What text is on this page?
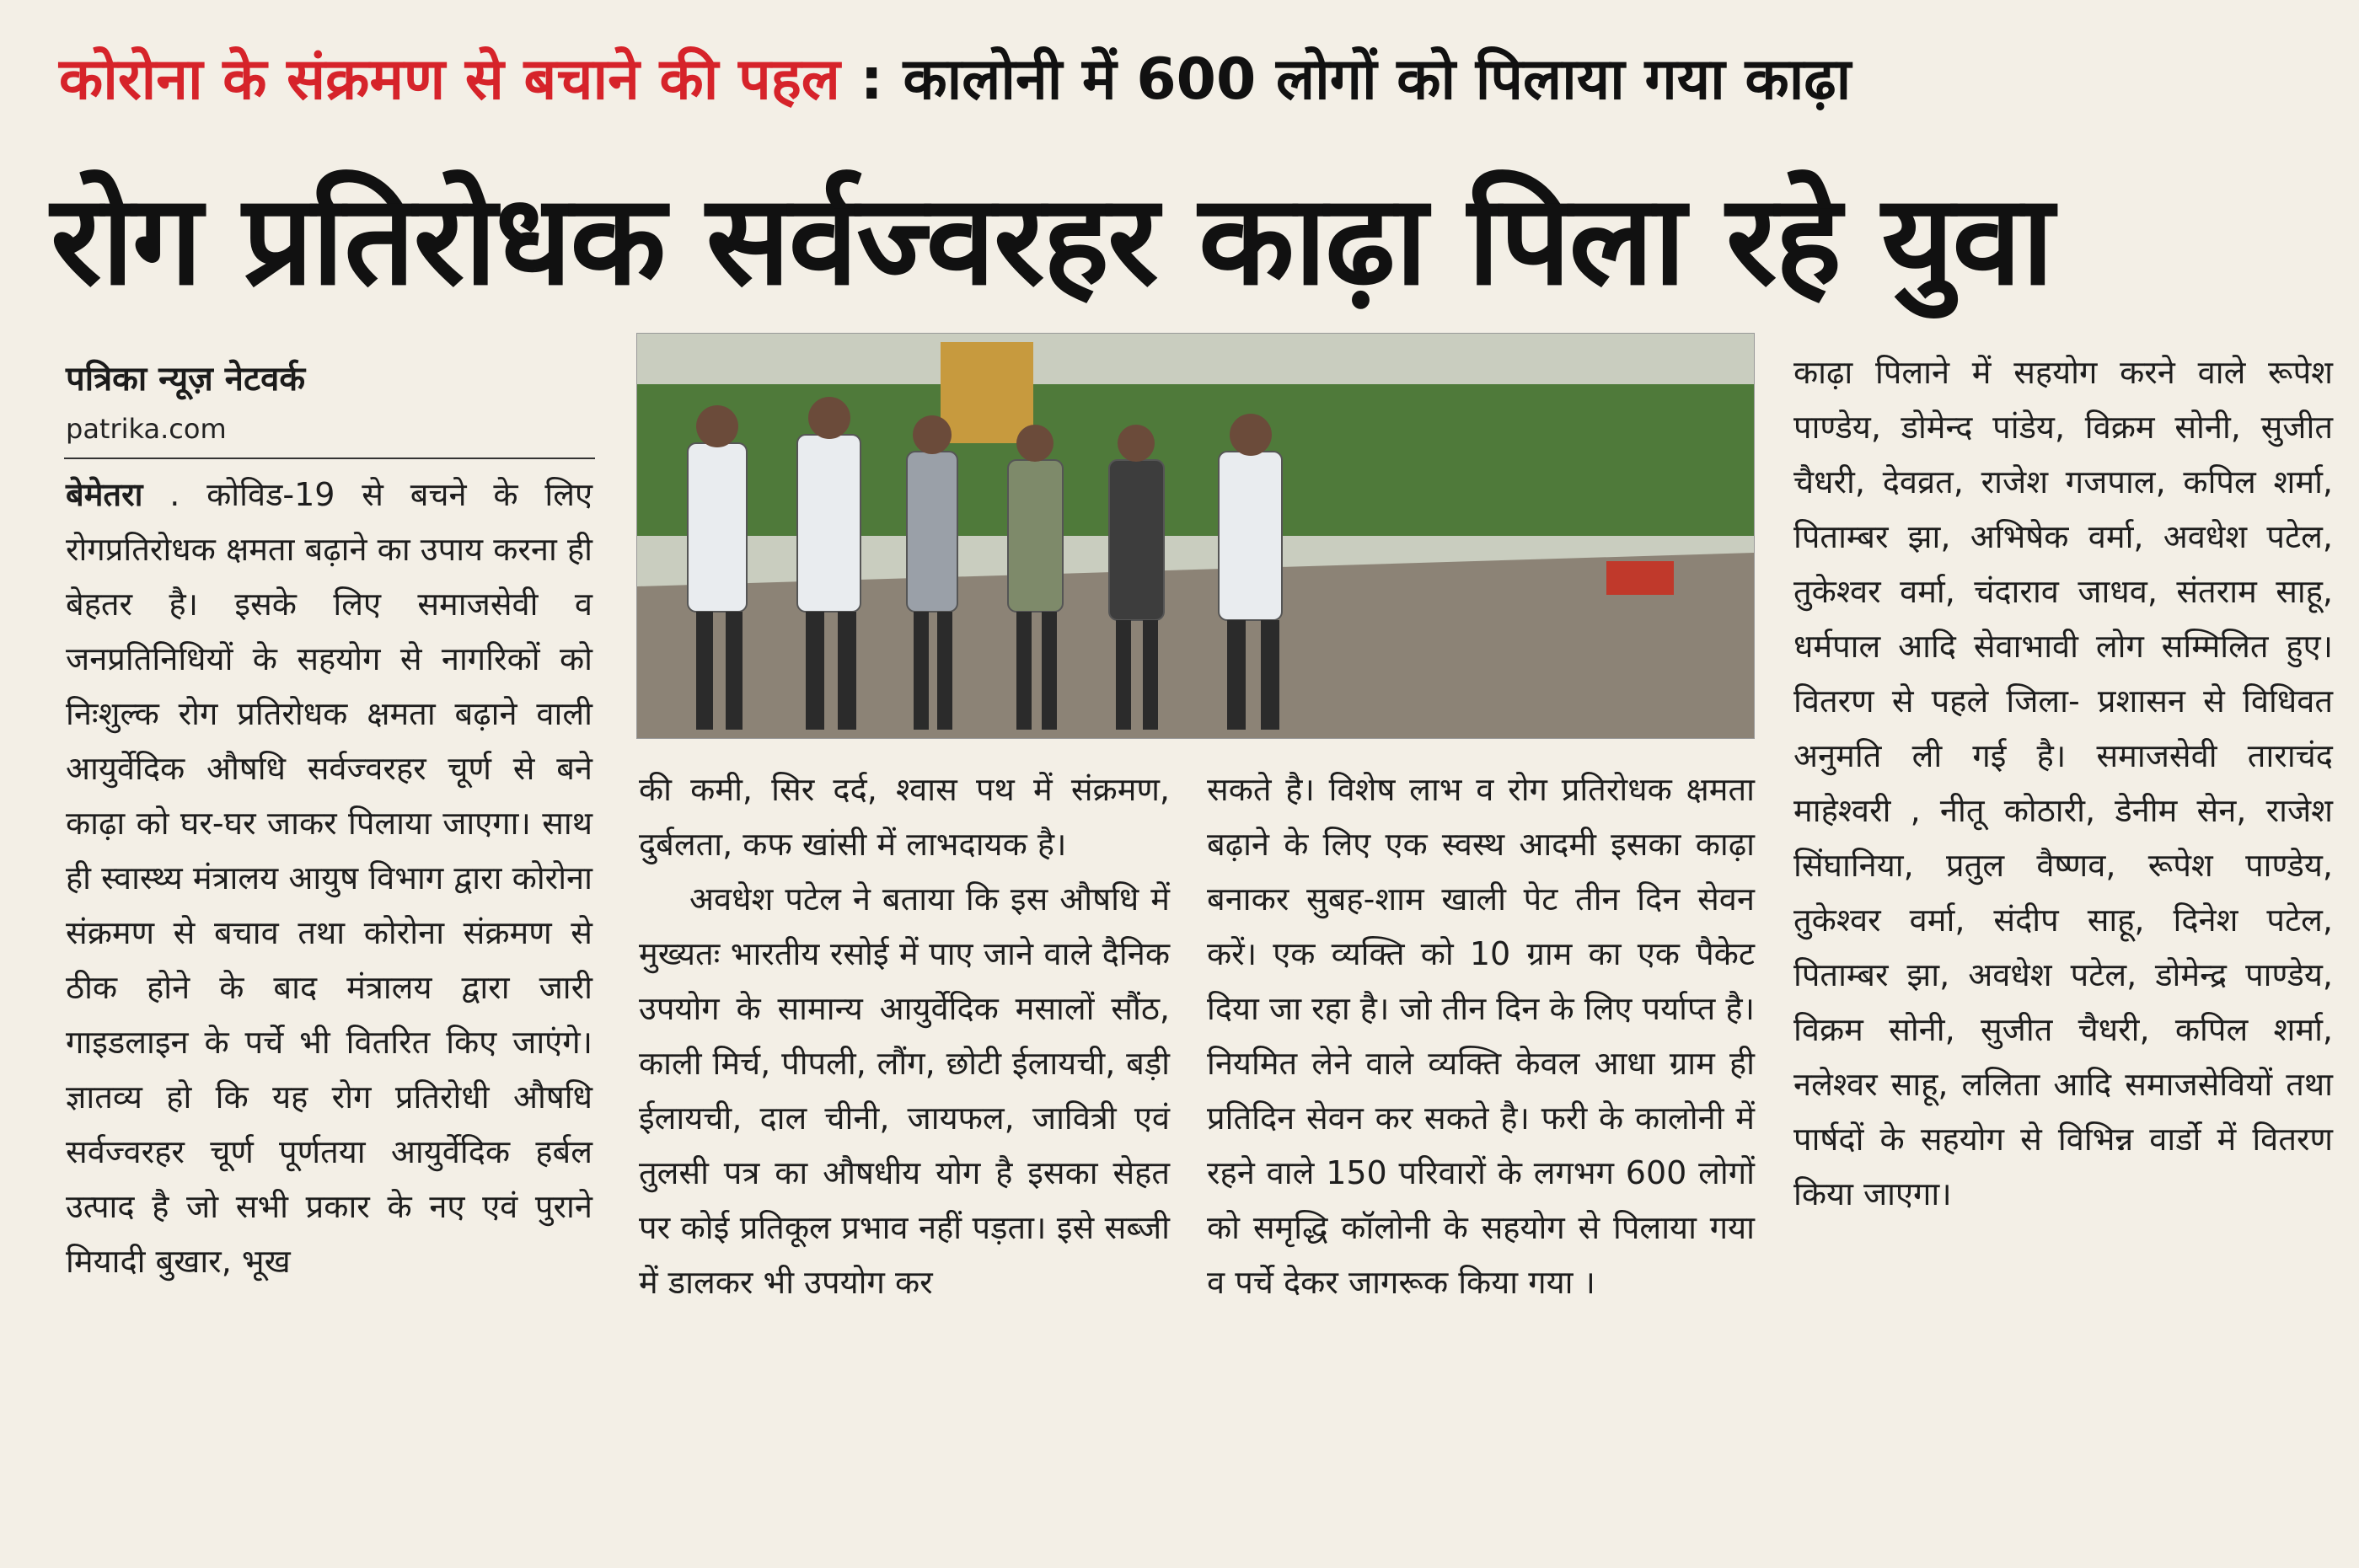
कोरोना के संक्रमण से बचाने की पहल : कालोनी में 600 लोगों को पिलाया गया काढ़ा
रोग प्रतिरोधक सर्वज्वरहर काढ़ा पिला रहे युवा
पत्रिका न्यूज़ नेटवर्क
patrika.com

बेमेतरा . कोविड-19 से बचने के लिए रोगप्रतिरोधक क्षमता बढ़ाने का उपाय करना ही बेहतर है। इसके लिए समाजसेवी व जनप्रतिनिधियों के सहयोग से नागरिकों को निःशुल्क रोग प्रतिरोधक क्षमता बढ़ाने वाली आयुर्वेदिक औषधि सर्वज्वरहर चूर्ण से बने काढ़ा को घर-घर जाकर पिलाया जाएगा। साथ ही स्वास्थ्य मंत्रालय आयुष विभाग द्वारा कोरोना संक्रमण से बचाव तथा कोरोना संक्रमण से ठीक होने के बाद मंत्रालय द्वारा जारी गाइडलाइन के पर्चे भी वितरित किए जाएंगे। ज्ञातव्य हो कि यह रोग प्रतिरोधी औषधि सर्वज्वरहर चूर्ण पूर्णतया आयुर्वेदिक हर्बल उत्पाद है जो सभी प्रकार के नए एवं पुराने मियादी बुखार, भूख

की कमी, सिर दर्द, श्वास पथ में संक्रमण, दुर्बलता, कफ खांसी में लाभदायक है।

अवधेश पटेल ने बताया कि इस औषधि में मुख्यतः भारतीय रसोई में पाए जाने वाले दैनिक उपयोग के सामान्य आयुर्वेदिक मसालों सौंठ, काली मिर्च, पीपली, लौंग, छोटी ईलायची, बड़ी ईलायची, दाल चीनी, जायफल, जावित्री एवं तुलसी पत्र का औषधीय योग है इसका सेहत पर कोई प्रतिकूल प्रभाव नहीं पड़ता। इसे सब्जी में डालकर भी उपयोग कर

सकते है। विशेष लाभ व रोग प्रतिरोधक क्षमता बढ़ाने के लिए एक स्वस्थ आदमी इसका काढ़ा बनाकर सुबह-शाम खाली पेट तीन दिन सेवन करें। एक व्यक्ति को 10 ग्राम का एक पैकेट दिया जा रहा है। जो तीन दिन के लिए पर्याप्त है। नियमित लेने वाले व्यक्ति केवल आधा ग्राम ही प्रतिदिन सेवन कर सकते है। फरी के कालोनी में रहने वाले 150 परिवारों के लगभग 600 लोगों को समृद्धि कॉलोनी के सहयोग से पिलाया गया व पर्चे देकर जागरूक किया गया ।

काढ़ा पिलाने में सहयोग करने वाले रूपेश पाण्डेय, डोमेन्द पांडेय, विक्रम सोनी, सुजीत चैधरी, देवव्रत, राजेश गजपाल, कपिल शर्मा, पिताम्बर झा, अभिषेक वर्मा, अवधेश पटेल, तुकेश्वर वर्मा, चंदाराव जाधव, संतराम साहू, धर्मपाल आदि सेवाभावी लोग सम्मिलित हुए। वितरण से पहले जिला- प्रशासन से विधिवत अनुमति ली गई है। समाजसेवी ताराचंद माहेश्वरी , नीतू कोठारी, डेनीम सेन, राजेश सिंघानिया, प्रतुल वैष्णव, रूपेश पाण्डेय, तुकेश्वर वर्मा, संदीप साहू, दिनेश पटेल, पिताम्बर झा, अवधेश पटेल, डोमेन्द्र पाण्डेय, विक्रम सोनी, सुजीत चैधरी, कपिल शर्मा, नलेश्वर साहू, ललिता आदि समाजसेवियों तथा पार्षदों के सहयोग से विभिन्न वार्डो में वितरण किया जाएगा।
